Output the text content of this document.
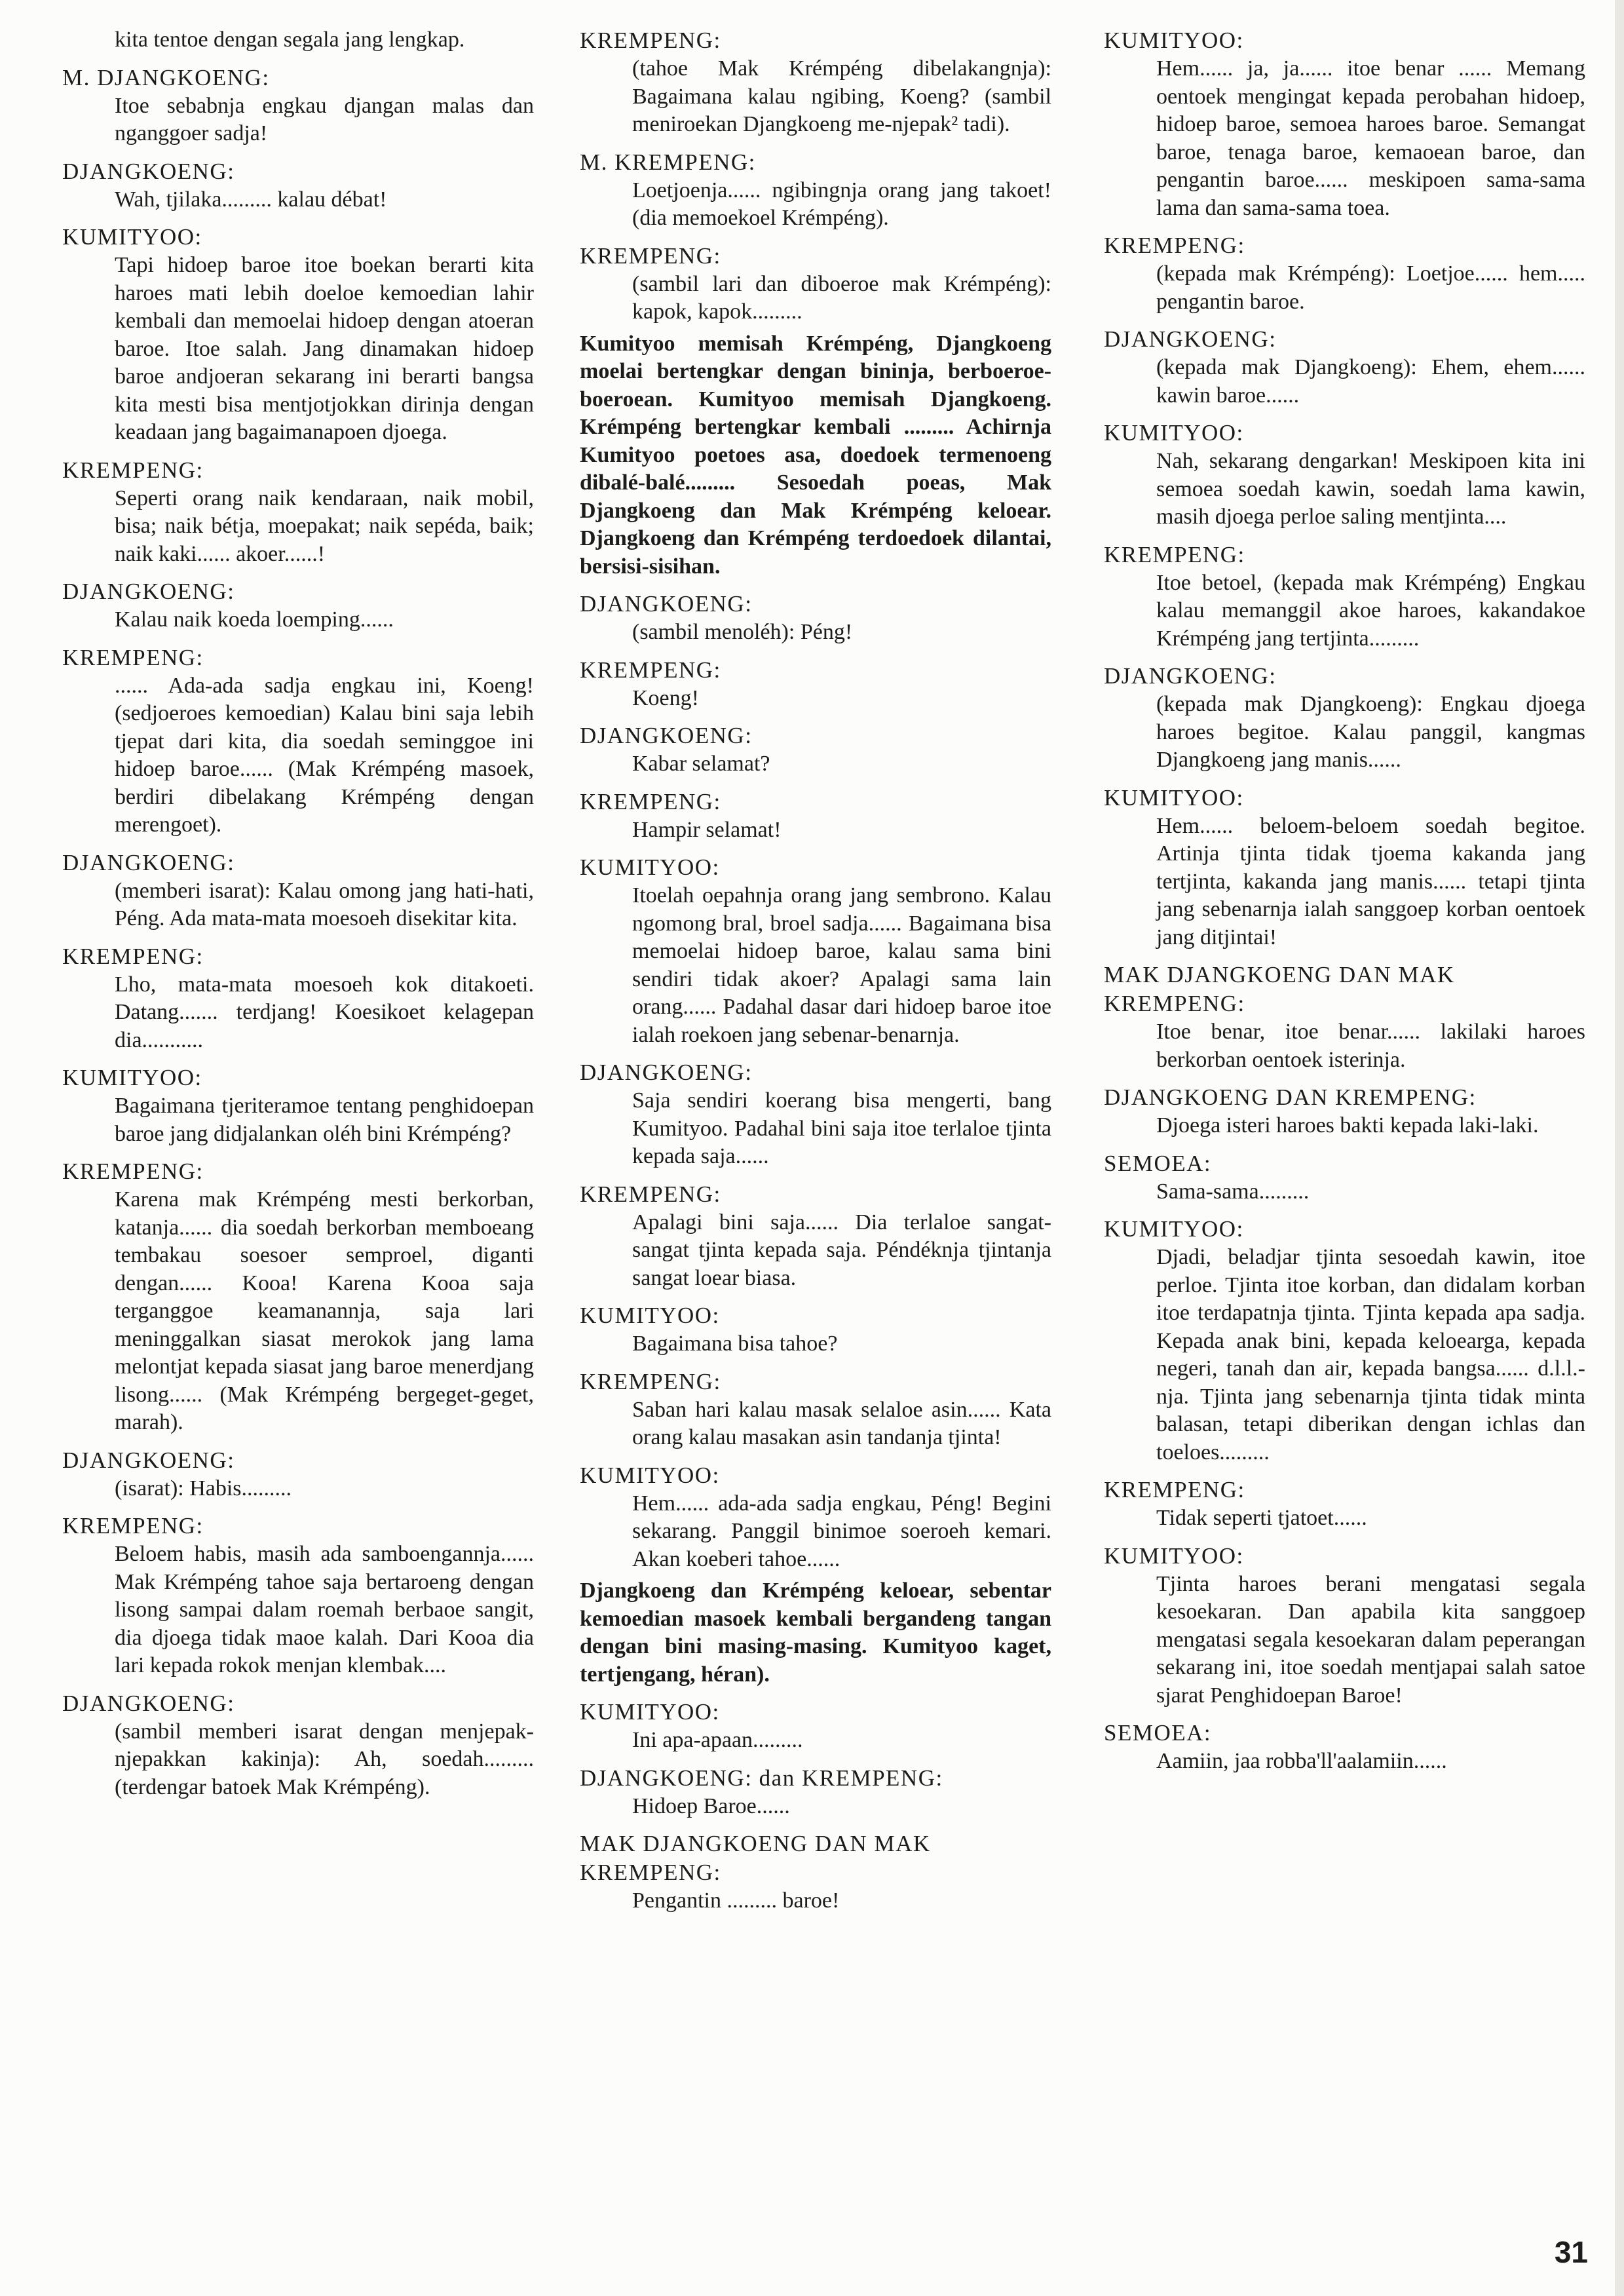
kita tentoe dengan segala jang lengkap.
M. DJANGKOENG:
Itoe sebabnja engkau djangan malas dan nganggoer sadja!
DJANGKOENG:
Wah, tjilaka......... kalau débat!
KUMITYOO:
Tapi hidoep baroe itoe boekan berarti kita haroes mati lebih doeloe kemoedian lahir kembali dan memoelai hidoep dengan atoeran baroe. Itoe salah. Jang dinamakan hidoep baroe andjoeran sekarang ini berarti bangsa kita mesti bisa mentjotjokkan dirinja dengan keadaan jang bagaimanapoen djoega.
KREMPENG:
Seperti orang naik kendaraan, naik mobil, bisa; naik bétja, moepakat; naik sepéda, baik; naik kaki...... akoer......!
DJANGKOENG:
Kalau naik koeda loemping......
KREMPENG:
...... Ada-ada sadja engkau ini, Koeng! (sedjoeroes kemoedian) Kalau bini saja lebih tjepat dari kita, dia soedah seminggoe ini hidoep baroe...... (Mak Krémpéng masoek, berdiri dibelakang Krémpéng dengan merengoet).
DJANGKOENG:
(memberi isarat): Kalau omong jang hati-hati, Péng. Ada mata-mata moesoeh disekitar kita.
KREMPENG:
Lho, mata-mata moesoeh kok ditakoeti. Datang....... terdjang! Koesikoet kelagepan dia...........
KUMITYOO:
Bagaimana tjeriteramoe tentang penghidoepan baroe jang didjalankan oléh bini Krémpéng?
KREMPENG:
Karena mak Krémpéng mesti berkorban, katanja...... dia soedah berkorban memboeang tembakau soesoer semproel, diganti dengan...... Kooa! Karena Kooa saja terganggoe keamanannja, saja lari meninggalkan siasat merokok jang lama melontjat kepada siasat jang baroe menerdjang lisong...... (Mak Krémpéng bergeget-geget, marah).
DJANGKOENG:
(isarat): Habis.........
KREMPENG:
Beloem habis, masih ada samboengannja...... Mak Krémpéng tahoe saja bertaroeng dengan lisong sampai dalam roemah berbaoe sangit, dia djoega tidak maoe kalah. Dari Kooa dia lari kepada rokok menjan klembak....
DJANGKOENG:
(sambil memberi isarat dengan menjepak-njepakkan kakinja): Ah, soedah......... (terdengar batoek Mak Krémpéng).
KREMPENG:
(tahoe Mak Krémpéng dibelakangnja): Bagaimana kalau ngibing, Koeng? (sambil meniroekan Djangkoeng me-njepak² tadi).
M. KREMPENG:
Loetjoenja...... ngibingnja orang jang takoet! (dia memoekoel Krémpéng).
KREMPENG:
(sambil lari dan diboeroe mak Krémpéng): kapok, kapok.........
Kumityoo memisah Krémpéng, Djangkoeng moelai bertengkar dengan bininja, berboeroe-boeroean. Kumityoo memisah Djangkoeng. Krémpéng bertengkar kembali ......... Achirnja Kumityoo poetoes asa, doedoek termenoeng dibalé-balé......... Sesoedah poeas, Mak Djangkoeng dan Mak Krémpéng keloear. Djangkoeng dan Krémpéng terdoedoek dilantai, bersisi-sisihan.
DJANGKOENG:
(sambil menoléh): Péng!
KREMPENG:
Koeng!
DJANGKOENG:
Kabar selamat?
KREMPENG:
Hampir selamat!
KUMITYOO:
Itoelah oepahnja orang jang sembrono. Kalau ngomong bral, broel sadja...... Bagaimana bisa memoelai hidoep baroe, kalau sama bini sendiri tidak akoer? Apalagi sama lain orang...... Padahal dasar dari hidoep baroe itoe ialah roekoen jang sebenar-benarnja.
DJANGKOENG:
Saja sendiri koerang bisa mengerti, bang Kumityoo. Padahal bini saja itoe terlaloe tjinta kepada saja......
KREMPENG:
Apalagi bini saja...... Dia terlaloe sangat-sangat tjinta kepada saja. Péndéknja tjintanja sangat loear biasa.
KUMITYOO:
Bagaimana bisa tahoe?
KREMPENG:
Saban hari kalau masak selaloe asin...... Kata orang kalau masakan asin tandanja tjinta!
KUMITYOO:
Hem...... ada-ada sadja engkau, Péng! Begini sekarang. Panggil binimoe soeroeh kemari. Akan koeberi tahoe......
Djangkoeng dan Krémpéng keloear, sebentar kemoedian masoek kembali bergandeng tangan dengan bini masing-masing. Kumityoo kaget, tertjengang, héran).
KUMITYOO:
Ini apa-apaan.........
DJANGKOENG: dan KREMPENG:
Hidoep Baroe......
MAK DJANGKOENG DAN MAK KREMPENG:
Pengantin ......... baroe!
KUMITYOO:
Hem...... ja, ja...... itoe benar ...... Memang oentoek mengingat kepada perobahan hidoep, hidoep baroe, semoea haroes baroe. Semangat baroe, tenaga baroe, kemaoean baroe, dan pengantin baroe...... meskipoen sama-sama lama dan sama-sama toea.
KREMPENG:
(kepada mak Krémpéng): Loetjoe...... hem..... pengantin baroe.
DJANGKOENG:
(kepada mak Djangkoeng): Ehem, ehem...... kawin baroe......
KUMITYOO:
Nah, sekarang dengarkan! Meskipoen kita ini semoea soedah kawin, soedah lama kawin, masih djoega perloe saling mentjinta....
KREMPENG:
Itoe betoel, (kepada mak Krémpéng) Engkau kalau memanggil akoe haroes, kakandakoe Krémpéng jang tertjinta.........
DJANGKOENG:
(kepada mak Djangkoeng): Engkau djoega haroes begitoe. Kalau panggil, kangmas Djangkoeng jang manis......
KUMITYOO:
Hem...... beloem-beloem soedah begitoe. Artinja tjinta tidak tjoema kakanda jang tertjinta, kakanda jang manis...... tetapi tjinta jang sebenarnja ialah sanggoep korban oentoek jang ditjintai!
MAK DJANGKOENG DAN MAK KREMPENG:
Itoe benar, itoe benar...... lakilaki haroes berkorban oentoek isterinja.
DJANGKOENG DAN KREMPENG:
Djoega isteri haroes bakti kepada laki-laki.
SEMOEA:
Sama-sama.........
KUMITYOO:
Djadi, beladjar tjinta sesoedah kawin, itoe perloe. Tjinta itoe korban, dan didalam korban itoe terdapatnja tjinta. Tjinta kepada apa sadja. Kepada anak bini, kepada keloearga, kepada negeri, tanah dan air, kepada bangsa...... d.l.l.-nja. Tjinta jang sebenarnja tjinta tidak minta balasan, tetapi diberikan dengan ichlas dan toeloes.........
KREMPENG:
Tidak seperti tjatoet......
KUMITYOO:
Tjinta haroes berani mengatasi segala kesoekaran. Dan apabila kita sanggoep mengatasi segala kesoekaran dalam peperangan sekarang ini, itoe soedah mentjapai salah satoe sjarat Penghidoepan Baroe!
SEMOEA:
Aamiin, jaa robba'll'aalamiin......
31
